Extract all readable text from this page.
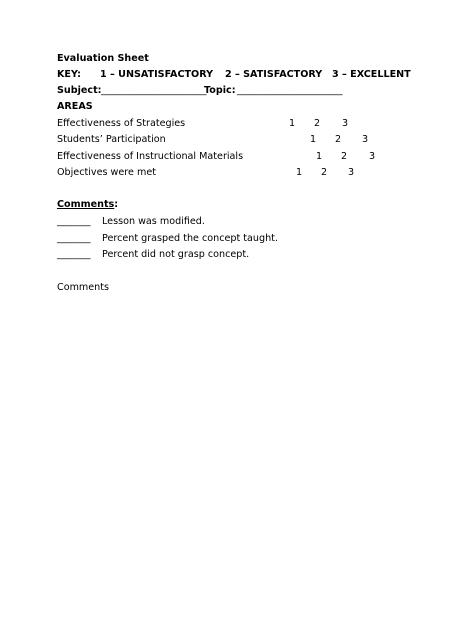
Evaluation Sheet
KEY: 1 – UNSATISFACTORY 2 – SATISFACTORY 3 – EXCELLENT
Subject: ______________________
Topic: ______________________
AREAS
Effectiveness of Strategies	1 2 3
Students’ Participation	1 2 3
Effectiveness of Instructional Materials	1 2 3
Objectives were met	1 2 3
Comments:
_______ Lesson was modified.
_______ Percent grasped the concept taught.
_______ Percent did not grasp concept.
Comments
